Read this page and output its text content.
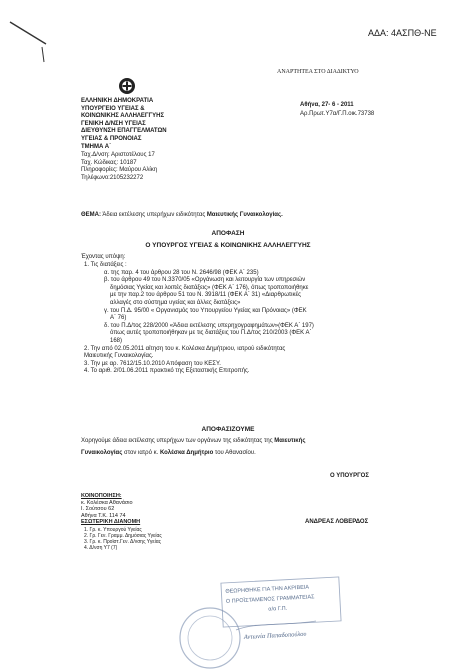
ΑΔΑ: 4ΑΣΠΘ-ΝΕ
ΑΝΑΡΤΗΤΕΑ ΣΤΟ ΔΙΑΔΙΚΤΥΟ
ΕΛΛΗΝΙΚΗ ΔΗΜΟΚΡΑΤΙΑ
ΥΠΟΥΡΓΕΙΟ ΥΓΕΙΑΣ &
ΚΟΙΝΩΝΙΚΗΣ ΑΛΛΗΛΕΓΓΥΗΣ
ΓΕΝΙΚΗ Δ/ΝΣΗ ΥΓΕΙΑΣ
ΔΙΕΥΘΥΝΣΗ ΕΠΑΓΓΕΛΜΑΤΩΝ
ΥΓΕΙΑΣ & ΠΡΟΝΟΙΑΣ
ΤΜΗΜΑ Α΄
Ταχ.Δ/νση: Αριστοτέλους 17
Ταχ. Κώδικας: 10187
Πληροφορίες: Μαύρου Αλίκη
Τηλέφωνο:2105232272
Αθήνα, 27- 6 - 2011
Αρ.Πρωτ.Υ7α/Γ.Π.οικ.73738
ΘΕΜΑ: Άδεια εκτέλεσης υπερήχων ειδικότητας Μαιευτικής Γυναικολογίας.
ΑΠΟΦΑΣΗ
Ο ΥΠΟΥΡΓΟΣ ΥΓΕΙΑΣ & ΚΟΙΝΩΝΙΚΗΣ ΑΛΛΗΛΕΓΓΥΗΣ
Έχοντας υπόψη:
1. Τις διατάξεις :
α. της παρ. 4 του άρθρου 28 του Ν. 2646/98 (ΦΕΚ Α΄ 235)
β. του άρθρου 49 του Ν.3370/05 «Οργάνωση και λειτουργία των υπηρεσιών
δημόσιας Υγείας και λοιπές διατάξεις» (ΦΕΚ Α΄ 176), όπως τροποποιήθηκε
με την παρ.2 του άρθρου 51 του Ν. 3918/11 (ΦΕΚ Α΄ 31) «Διαρθρωτικές
αλλαγές στο σύστημα υγείας και άλλες διατάξεις»
γ. του Π.Δ. 95/00 « Οργανισμός του Υπουργείου Υγείας και Πρόνοιας» (ΦΕΚ
Α΄ 76)
δ. του Π.Δ/τος 228/2000 «Άδεια εκτέλεσης υπερηχογραφημάτων»(ΦΕΚ Α΄ 197)
όπως αυτές τροποποιήθηκαν με τις διατάξεις του Π.Δ/τος 210/2003 (ΦΕΚ Α΄
168)
2. Την από 02.05.2011 αίτηση του κ. Κολέσκα Δημήτριου, ιατρού ειδικότητας
Μαιευτικής Γυναικολογίας.
3. Την με αρ. 7612/15.10.2010 Απόφαση του ΚΕΣΥ.
4. Το αριθ. 2/01.06.2011 πρακτικό της Εξεταστικής Επιτροπής.
ΑΠΟΦΑΣΙΖΟΥΜΕ
Χορηγούμε άδεια εκτέλεσης υπερήχων των οργάνων της ειδικότητας της Μαιευτικής
Γυναικολογίας στον ιατρό κ. Κολέσκα Δημήτριο του Αθανασίου.
Ο ΥΠΟΥΡΓΟΣ
ΑΝΔΡΕΑΣ ΛΟΒΕΡΔΟΣ
ΚΟΙΝΟΠΟΙΗΣΗ:
κ. Κολέσκα Αθανάσιο
Ι. Σούτσου 62
Αθήνα Τ.Κ. 114 74
ΕΣΩΤΕΡΙΚΗ ΔΙΑΝΟΜΗ
1. Γρ. κ. Υπουργού Υγείας
2. Γρ. Γεν. Γραμμ. Δημόσιας Υγείας
3. Γρ. κ. Προϊστ.Γεν. Δ/νσης Υγείας
4. Δ/νση Υ7 (7)
ΘΕΩΡΗΘΗΚΕ ΓΙΑ ΤΗΝ ΑΚΡΙΒΕΙΑ
Ο ΠΡΟΪΣΤΑΜΕΝΟΣ ΓΡΑΜΜΑΤΕΙΑΣ
α/α Γ.Π.
Αντωνία Παπαδοπούλου
